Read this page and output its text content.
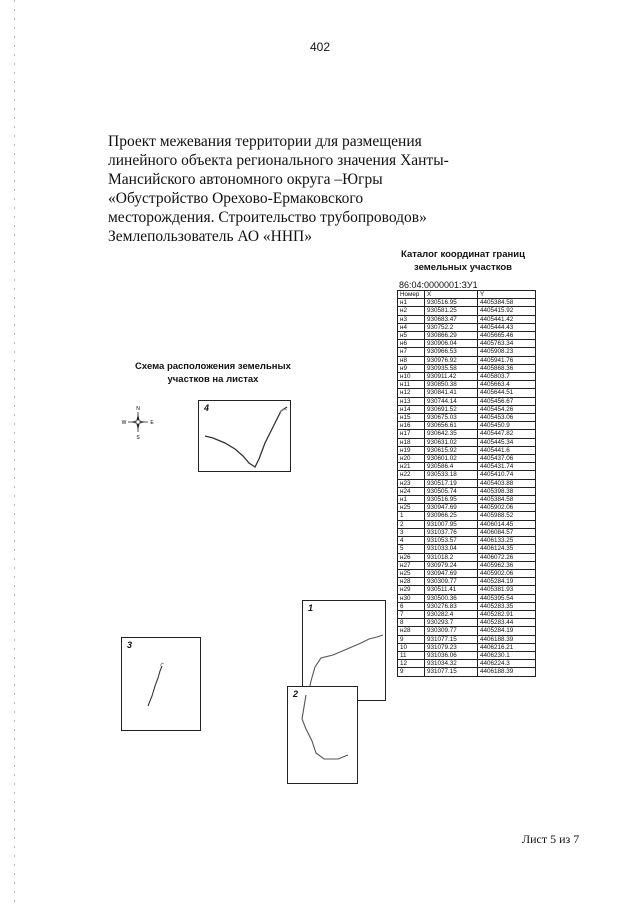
402
Проект межевания территории для размещения
линейного объекта регионального значения Ханты-
Мансийского автономного округа –Югры
«Обустройство Орехово-Ермаковского
месторождения. Строительство трубопроводов»
Землепользователь АО «ННП»
Каталог координат границ
земельных участков
86:04:0000001:ЗУ1
Номер	X	Y
н1	930516.95	4405384.58
н2	930581.25	4405415.92
н3	930683.47	4405441.42
н4	930752.2	4405444.43
н5	930866.29	4405665.46
н6	930906.04	4405763.34
н7	930966.53	4405908.23
н8	930976.92	4405941.76
н9	930935.58	4405868.36
н10	930911.42	4405803.7
н11	930850.38	4405663.4
н12	930841.41	4405644.51
н13	930744.14	4405456.67
н14	930691.52	4405454.26
н15	930675.03	4405453.06
н16	930656.61	4405450.9
н17	930642.35	4405447.82
н18	930631.02	4405445.34
н19	930615.92	4405441.6
н20	930601.02	4405437.06
н21	930586.4	4405431.74
н22	930533.18	4405410.74
н23	930517.19	4405403.88
н24	930505.74	4405398.38
н1	930516.95	4405384.58
н25	930947.69	4405902.06
1	930966.25	4405988.52
2	931007.95	4406014.45
3	931037.76	4406084.57
4	931053.57	4406133.25
5	931033.04	4406124.35
н26	931018.2	4406072.26
н27	930979.24	4405962.36
н25	930947.69	4405902.06
н28	930309.77	4405284.19
н29	930511.41	4405381.93
н30	930500.36	4405395.54
6	930276.83	4405283.35
7	930282.4	4405282.91
8	930293.7	4405283.44
н28	930309.77	4405284.19
9	931077.15	4406188.39
10	931079.23	4406216.21
11	931036.06	4406230.1
12	931034.32	4406224.3
9	931077.15	4406188.39
Схема расположения земельных
участков на листах
N
S
W	E
4
1
3
2
Лист 5 из 7
